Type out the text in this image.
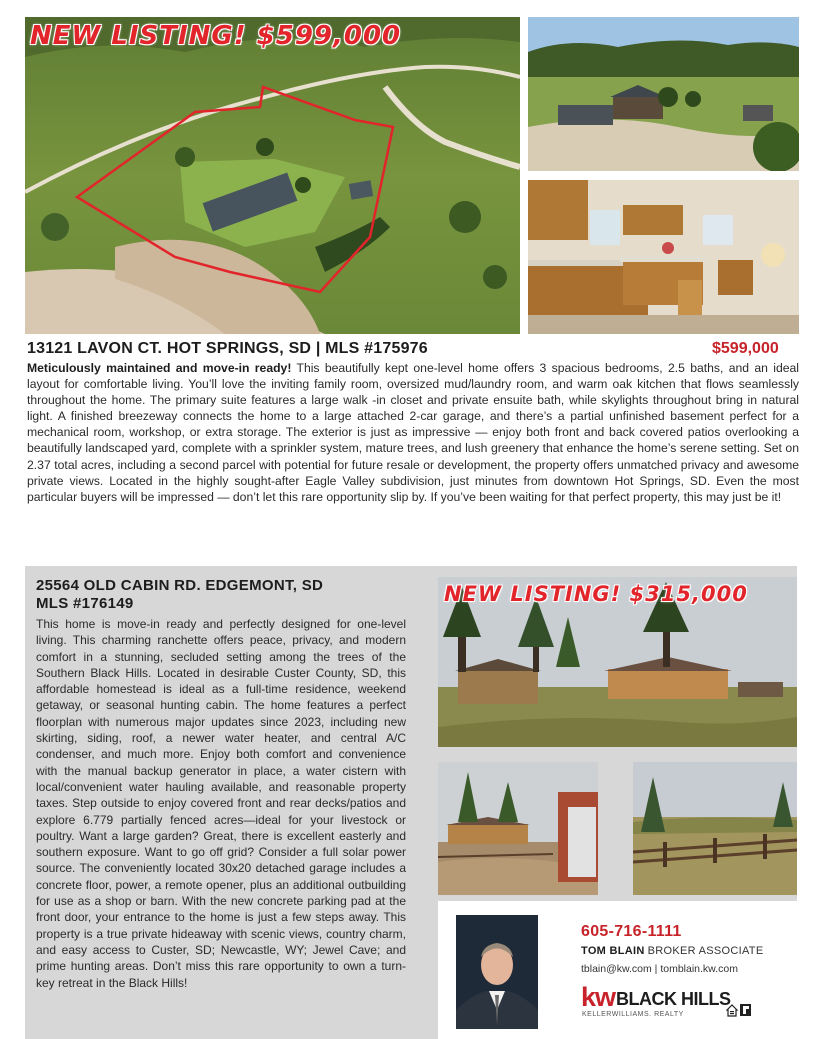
NEW LISTING! $599,000
13121 LAVON CT. HOT SPRINGS, SD | MLS #175976	$599,000
Meticulously maintained and move-in ready! This beautifully kept one-level home offers 3 spacious bedrooms, 2.5 baths, and an ideal layout for comfortable living. You’ll love the inviting family room, oversized mud/laundry room, and warm oak kitchen that flows seamlessly throughout the home. The primary suite features a large walk -in closet and private ensuite bath, while skylights throughout bring in natural light. A finished breezeway connects the home to a large attached 2-car garage, and there’s a partial unfinished basement perfect for a mechanical room, workshop, or extra storage. The exterior is just as impressive — enjoy both front and back covered patios overlooking a beautifully landscaped yard, complete with a sprinkler system, mature trees, and lush greenery that enhance the home’s serene setting. Set on 2.37 total acres, including a second parcel with potential for future resale or development, the property offers unmatched privacy and awesome private views. Located in the highly sought-after Eagle Valley subdivision, just minutes from downtown Hot Springs, SD. Even the most particular buyers will be impressed — don’t let this rare opportunity slip by. If you’ve been waiting for that perfect property, this may just be it!
25564 OLD CABIN RD. EDGEMONT, SD
MLS #176149
This home is move-in ready and perfectly designed for one-level living. This charming ranchette offers peace, privacy, and modern comfort in a stunning, secluded setting among the trees of the Southern Black Hills. Located in desirable Custer County, SD, this affordable homestead is ideal as a full-time residence, weekend getaway, or seasonal hunting cabin. The home features a perfect floorplan with numerous major updates since 2023, including new skirting, siding, roof, a newer water heater, and central A/C condenser, and much more. Enjoy both comfort and convenience with the manual backup generator in place, a water cistern with local/convenient water hauling available, and reasonable property taxes. Step outside to enjoy covered front and rear decks/patios and explore 6.779 partially fenced acres—ideal for your livestock or poultry. Want a large garden? Great, there is excellent easterly and southern exposure. Want to go off grid? Consider a full solar power source. The conveniently located 30x20 detached garage includes a concrete floor, power, a remote opener, plus an additional outbuilding for use as a shop or barn. With the new concrete parking pad at the front door, your entrance to the home is just a few steps away. This property is a true private hideaway with scenic views, country charm, and easy access to Custer, SD; Newcastle, WY; Jewel Cave; and prime hunting areas. Don’t miss this rare opportunity to own a turn-key retreat in the Black Hills!
NEW LISTING! $315,000
605-716-1111
TOM BLAIN BROKER ASSOCIATE
tblain@kw.com | tomblain.kw.com
kw BLACK HILLS
KELLERWILLIAMS. REALTY
